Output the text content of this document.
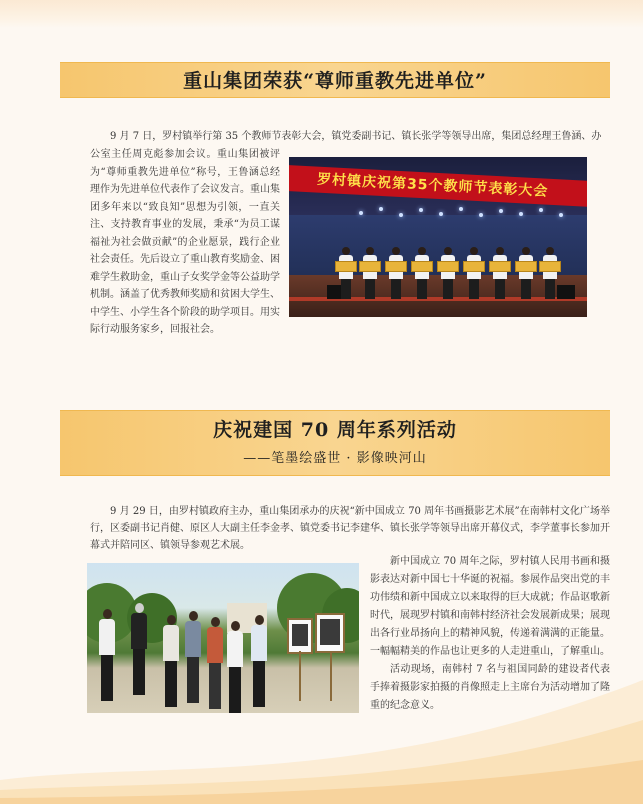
重山集团荣获“尊师重教先进单位”
9 月 7 日，罗村镇举行第 35 个教师节表彰大会，镇党委副书记、镇长张学等领导出席，集团总经理王鲁涵、办
公室主任周克彪参加会议。重山集团被评为“尊师重教先进单位”称号，王鲁涵总经理作为先进单位代表作了会议发言。重山集团多年来以“致良知”思想为引领，一直关注、支持教育事业的发展，秉承“为员工谋福祉为社会做贡献”的企业愿景，践行企业社会责任。先后设立了重山教育奖励金、困难学生救助金，重山子女奖学金等公益助学机制。涵盖了优秀教师奖励和贫困大学生、中学生、小学生各个阶段的助学项目。用实际行动服务家乡，回报社会。
罗村镇庆祝第35个教师节表彰大会
庆祝建国 70 周年系列活动
——笔墨绘盛世 · 影像映河山
9 月 29 日，由罗村镇政府主办，重山集团承办的庆祝“新中国成立 70 周年书画摄影艺术展”在南韩村文化广场举行，区委副书记肖健、原区人大副主任李金孝、镇党委书记李建华、镇长张学等领导出席开幕仪式，李学董事长参加开幕式并陪同区、镇领导参观艺术展。

新中国成立 70 周年之际，罗村镇人民用书画和摄影表达对新中国七十华诞的祝福。参展作品突出党的丰功伟绩和新中国成立以来取得的巨大成就；作品讴歌新时代，展现罗村镇和南韩村经济社会发展新成果；展现出各行业昂扬向上的精神风貌，传递着满满的正能量。一幅幅精美的作品也让更多的人走进重山，了解重山。

活动现场，南韩村 7 名与祖国同龄的建设者代表手捧着摄影家拍摄的肖像照走上主席台为活动增加了隆重的纪念意义。
